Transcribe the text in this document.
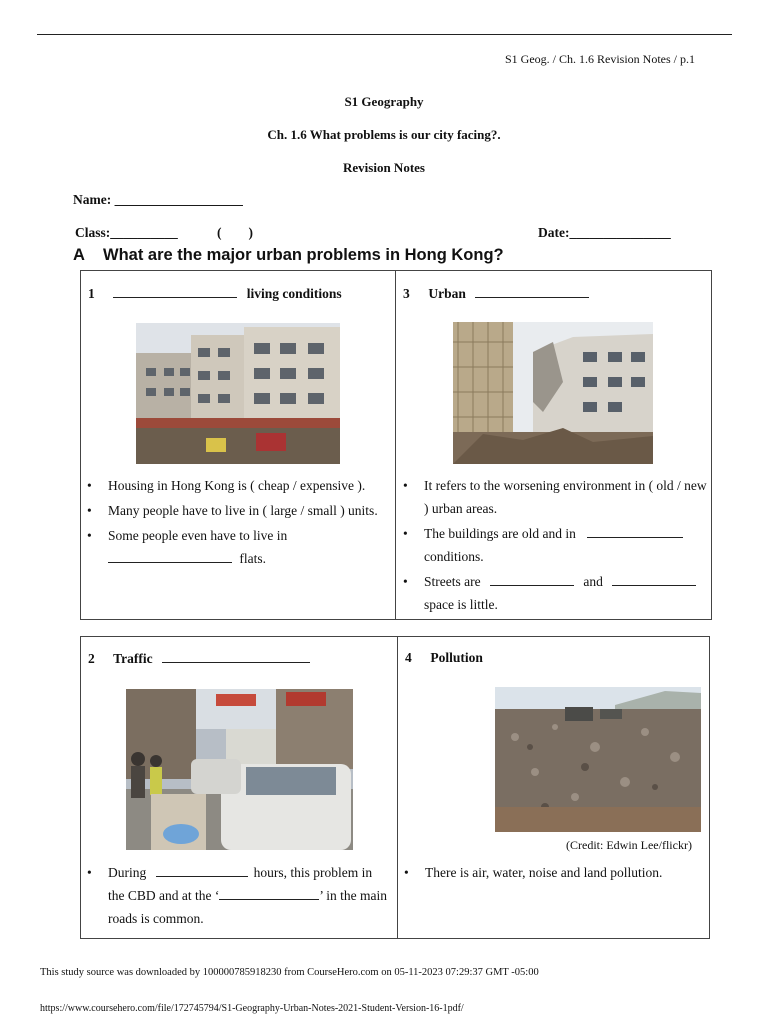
S1 Geog. / Ch. 1.6 Revision Notes / p.1
S1 Geography
Ch. 1.6 What problems is our city facing?.
Revision Notes
Name: ___________________
Class:__________	(        )	Date:_______________
A What are the major urban problems in Hong Kong?
1	living conditions
• Housing in Hong Kong is ( cheap / expensive ).
• Many people have to live in ( large / small ) units.
• Some people even have to live in
flats.
3 Urban
• It refers to the worsening environment in ( old / new ) urban areas.
• The buildings are old and in
conditions.
• Streets are	and
space is little.
2 Traffic
• During	hours, this problem in the CBD and at the ‘	’ in the main roads is common.
4 Pollution
(Credit: Edwin Lee/flickr)
• There is air, water, noise and land pollution.
This study source was downloaded by 100000785918230 from CourseHero.com on 05-11-2023 07:29:37 GMT -05:00
https://www.coursehero.com/file/172745794/S1-Geography-Urban-Notes-2021-Student-Version-16-1pdf/
